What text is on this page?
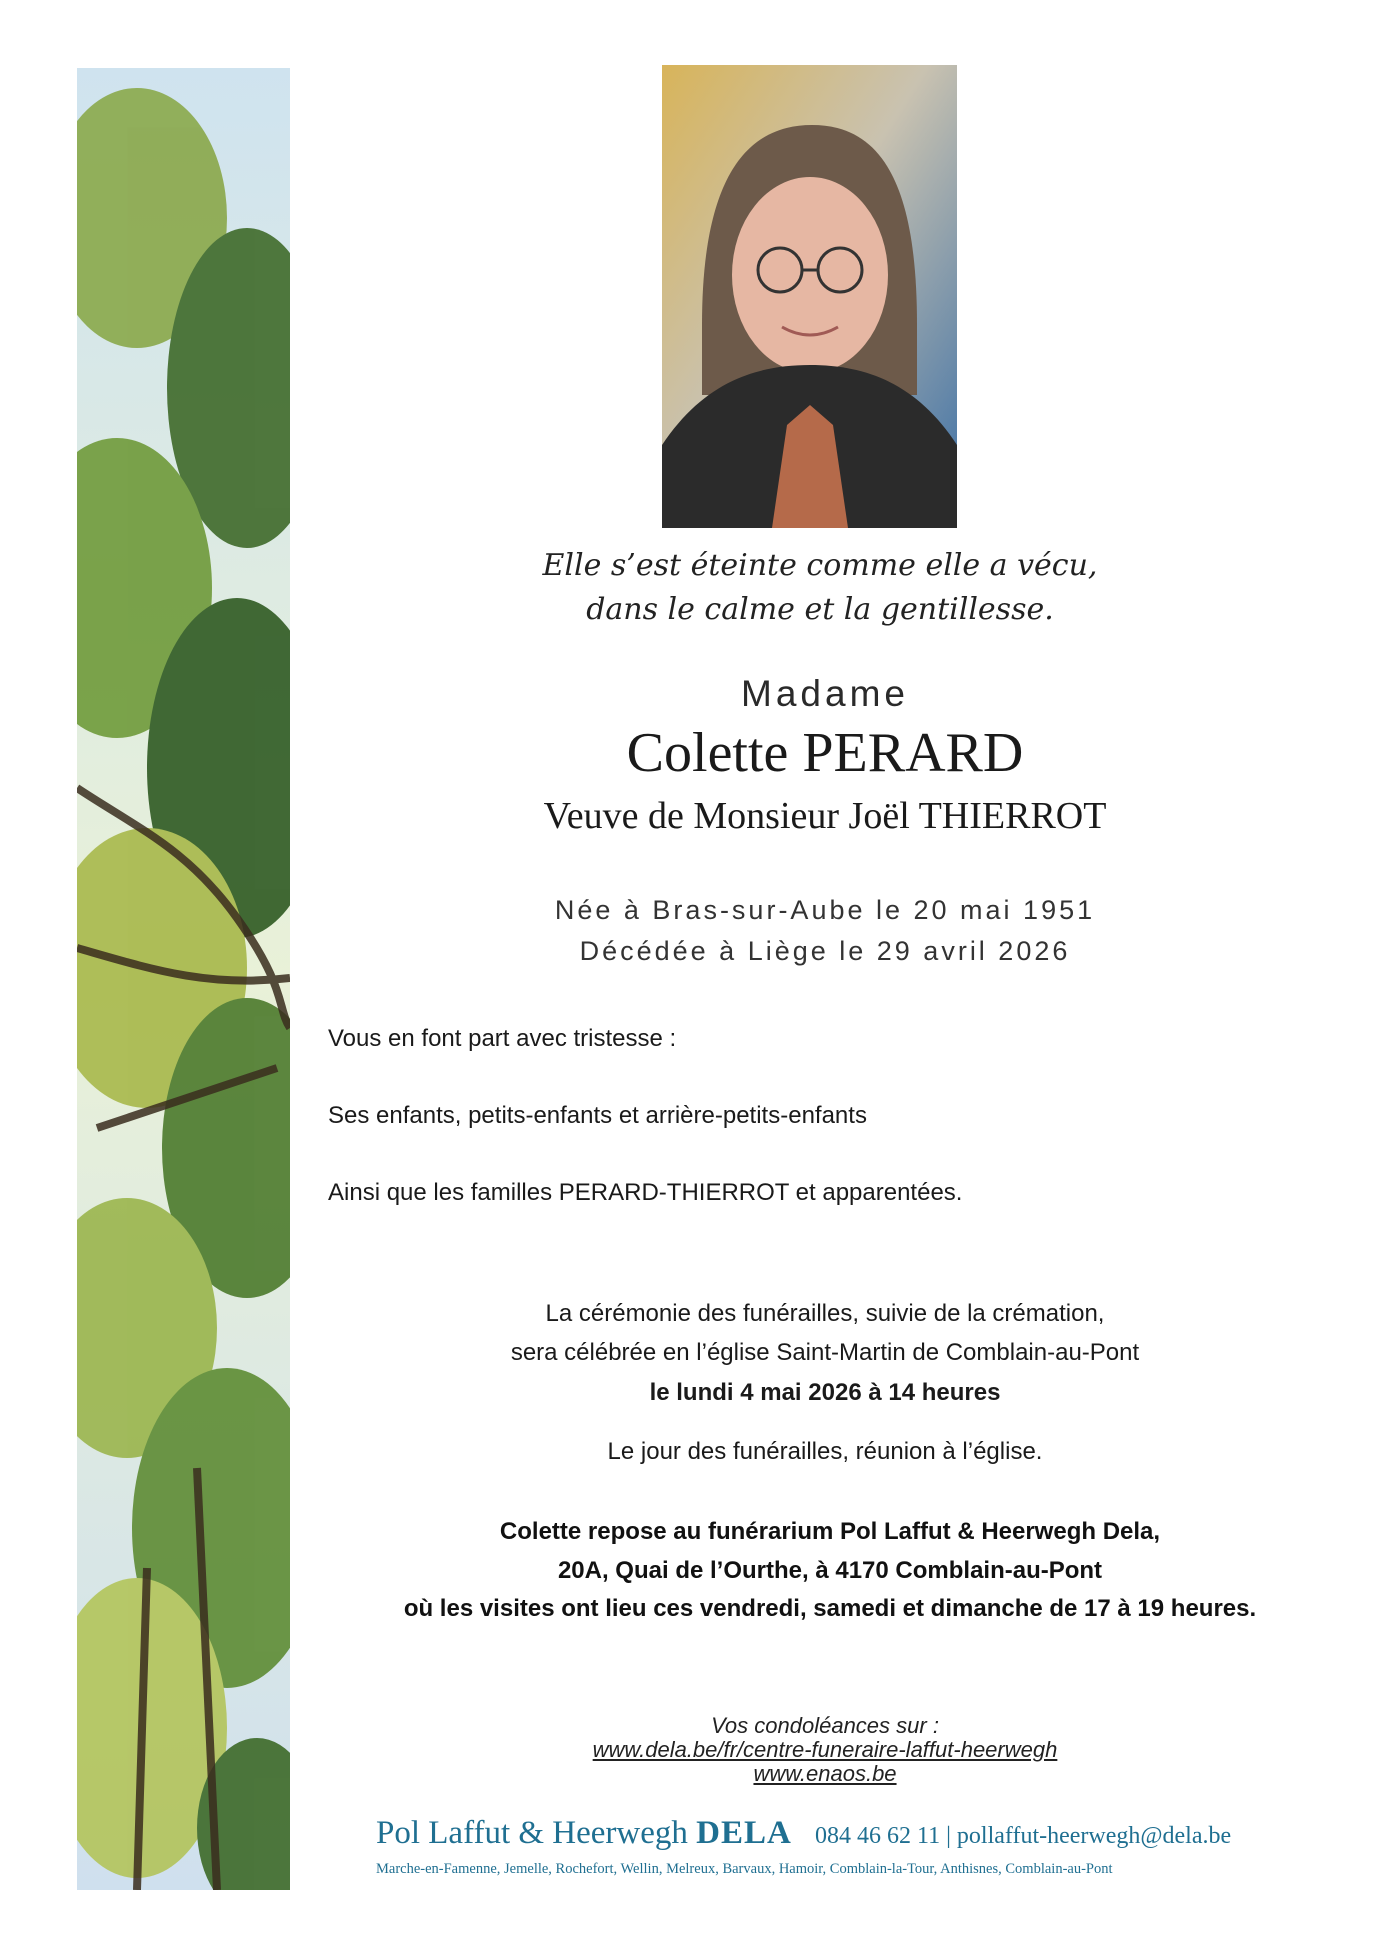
Elle s’est éteinte comme elle a vécu,
dans le calme et la gentillesse.
Madame
Colette PERARD
Veuve de Monsieur Joël THIERROT
Née à Bras-sur-Aube le 20 mai 1951
Décédée à Liège le 29 avril 2026
Vous en font part avec tristesse :
Ses enfants, petits-enfants et arrière-petits-enfants
Ainsi que les familles PERARD-THIERROT et apparentées.
La cérémonie des funérailles, suivie de la crémation,
sera célébrée en l’église Saint-Martin de Comblain-au-Pont
le lundi 4 mai 2026 à 14 heures
Le jour des funérailles, réunion à l’église.
Colette repose au funérarium Pol Laffut & Heerwegh Dela,
20A, Quai de l’Ourthe, à 4170 Comblain-au-Pont
où les visites ont lieu ces vendredi, samedi et dimanche de 17 à 19 heures.
Vos condoléances sur :
www.dela.be/fr/centre-funeraire-laffut-heerwegh
www.enaos.be
Pol Laffut & Heerwegh DELA 084 46 62 11 | pollaffut-heerwegh@dela.be
Marche-en-Famenne, Jemelle, Rochefort, Wellin, Melreux, Barvaux, Hamoir, Comblain-la-Tour, Anthisnes, Comblain-au-Pont
